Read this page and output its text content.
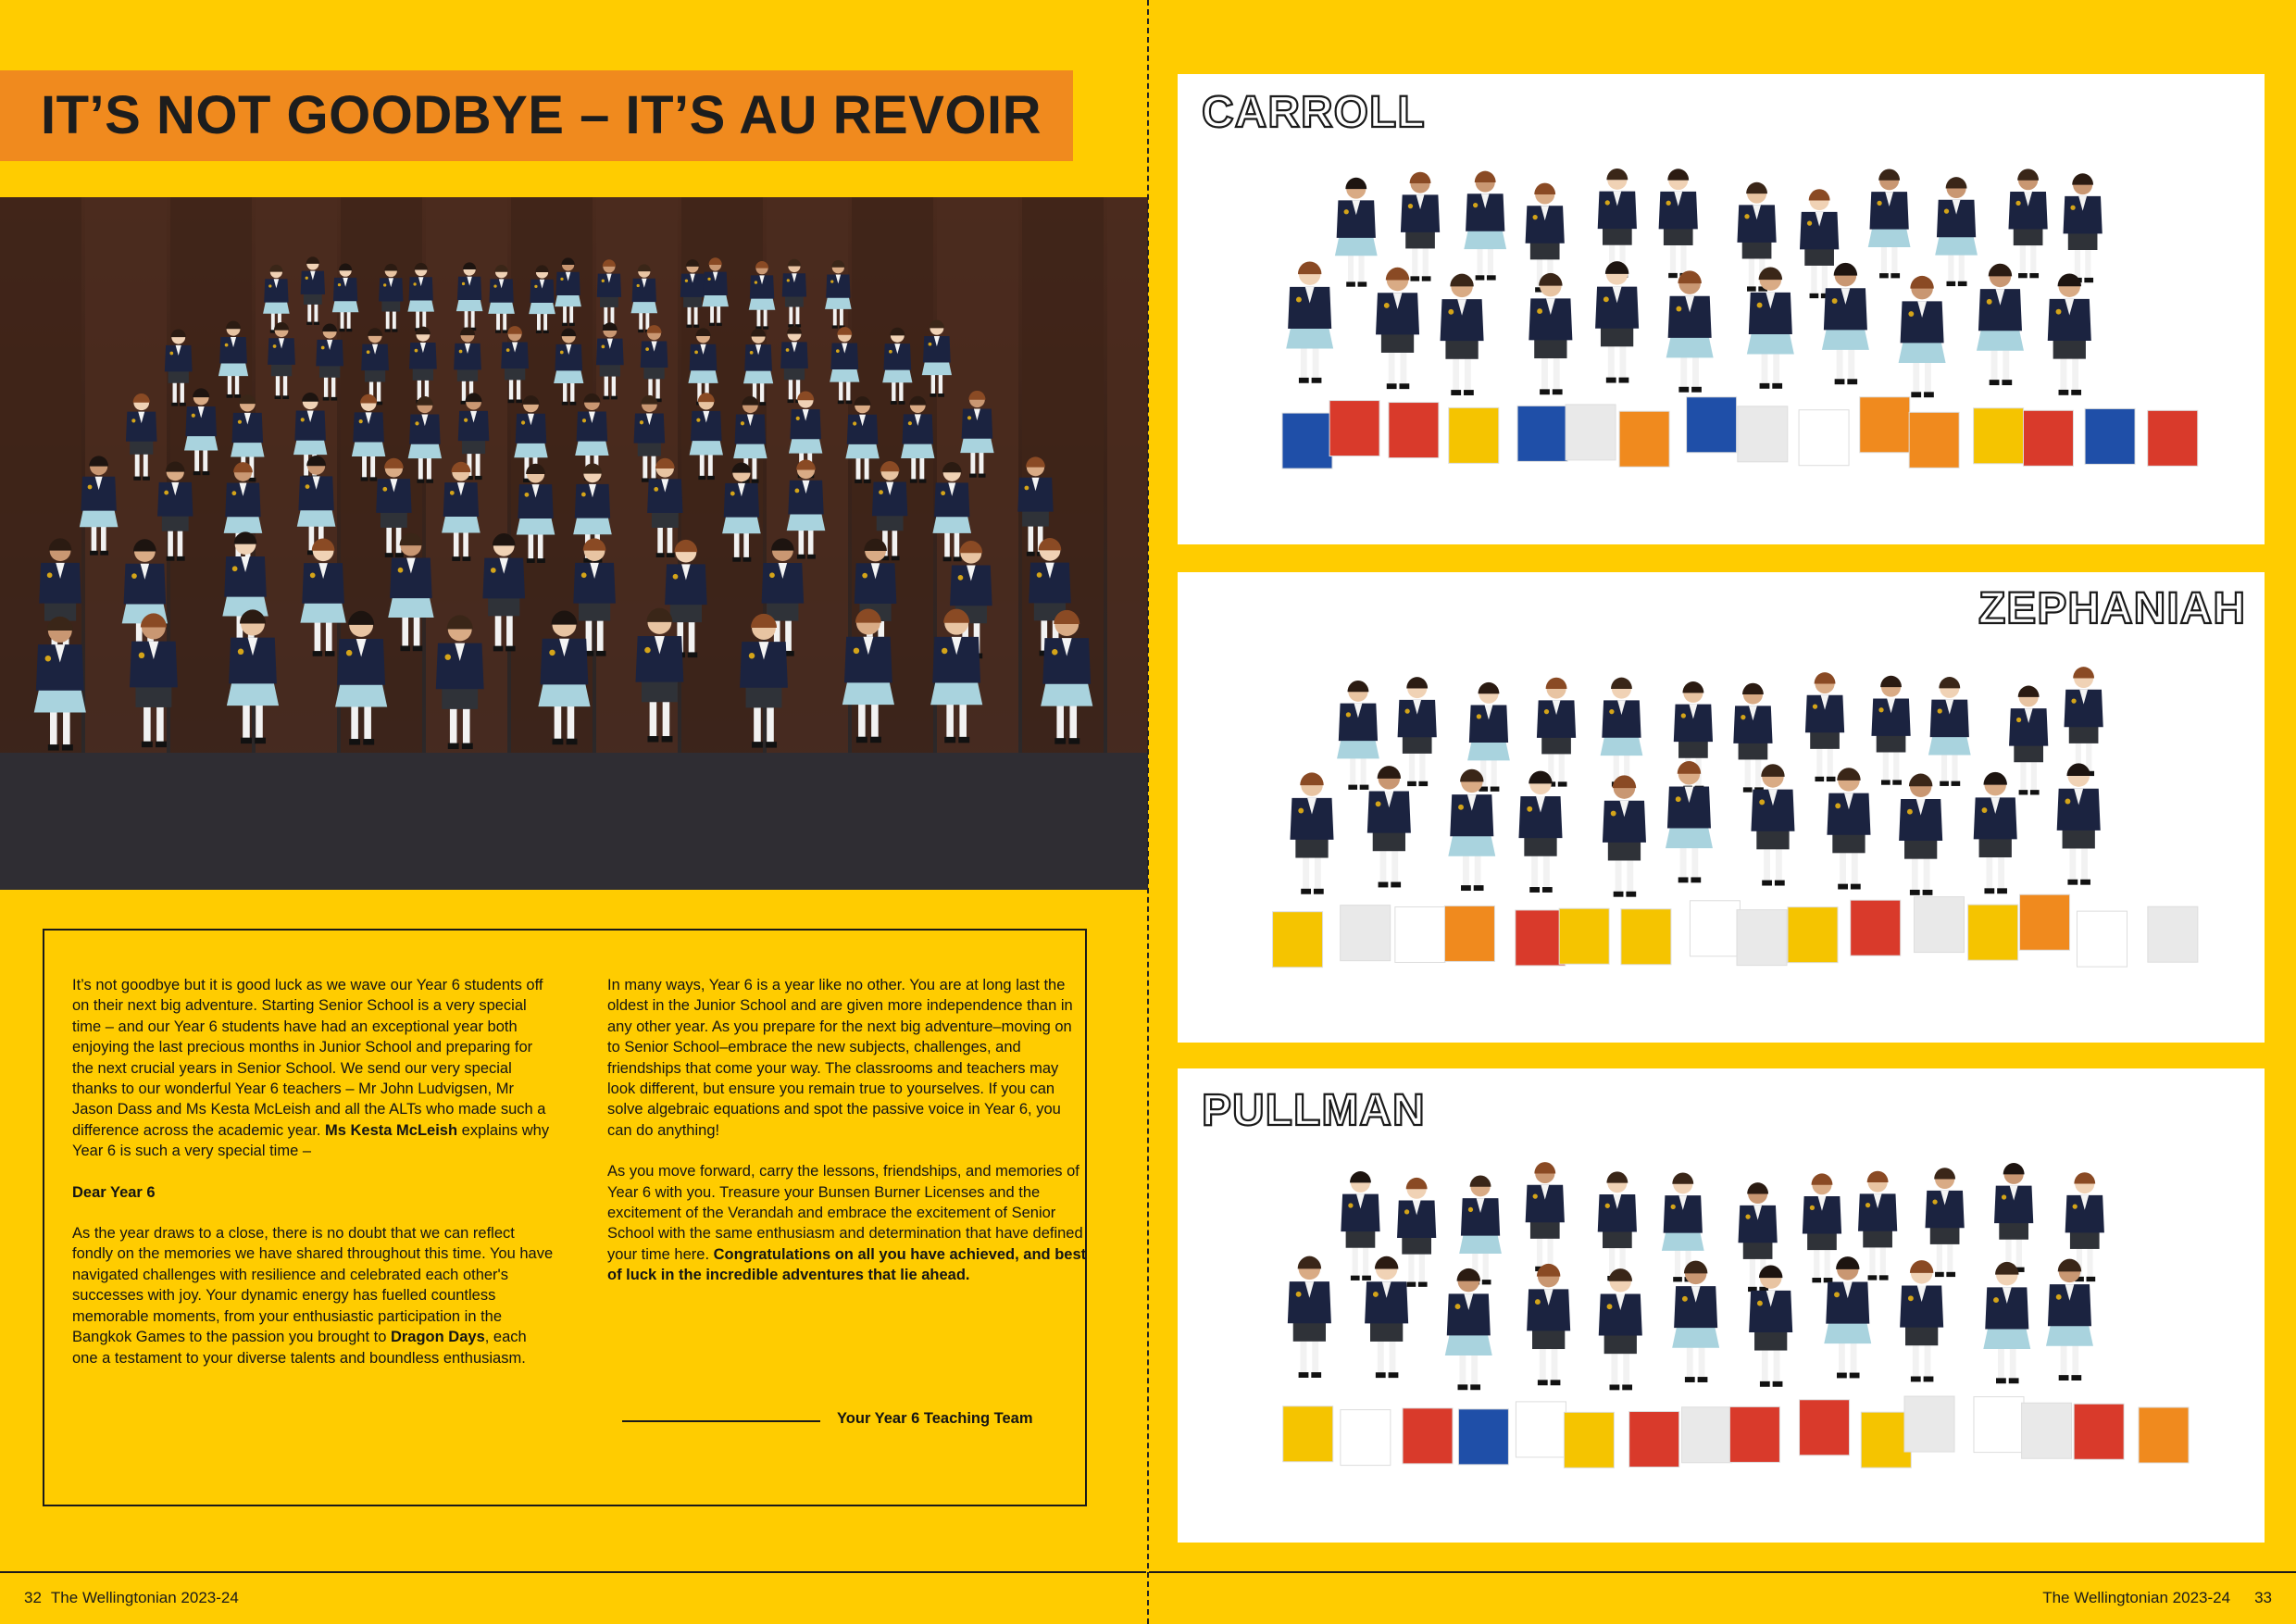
IT’S NOT GOODBYE – IT’S AU REVOIR

It’s not goodbye but it is good luck as we wave our Year 6 students off on their next big adventure. Starting Senior School is a very special time – and our Year 6 students have had an exceptional year both enjoying the last precious months in Junior School and preparing for the next crucial years in Senior School. We send our very special thanks to our wonderful Year 6 teachers – Mr John Ludvigsen, Mr Jason Dass and Ms Kesta McLeish and all the ALTs who made such a difference across the academic year. Ms Kesta McLeish explains why Year 6 is such a very special time –

Dear Year 6

As the year draws to a close, there is no doubt that we can reflect fondly on the memories we have shared throughout this time. You have navigated challenges with resilience and celebrated each other's successes with joy. Your dynamic energy has fuelled countless memorable moments, from your enthusiastic participation in the Bangkok Games to the passion you brought to Dragon Days, each one a testament to your diverse talents and boundless enthusiasm.

In many ways, Year 6 is a year like no other. You are at long last the oldest in the Junior School and are given more independence than in any other year. As you prepare for the next big adventure–moving on to Senior School–embrace the new subjects, challenges, and friendships that come your way. The classrooms and teachers may look different, but ensure you remain true to yourselves. If you can solve algebraic equations and spot the passive voice in Year 6, you can do anything!

As you move forward, carry the lessons, friendships, and memories of Year 6 with you. Treasure your Bunsen Burner Licenses and the excitement of the Verandah and embrace the excitement of Senior School with the same enthusiasm and determination that have defined your time here. Congratulations on all you have achieved, and best of luck in the incredible adventures that lie ahead.

Your Year 6 Teaching Team
32 The Wellingtonian 2023-24
CARROLL
ZEPHANIAH
PULLMAN
The Wellingtonian 2023-24 33
